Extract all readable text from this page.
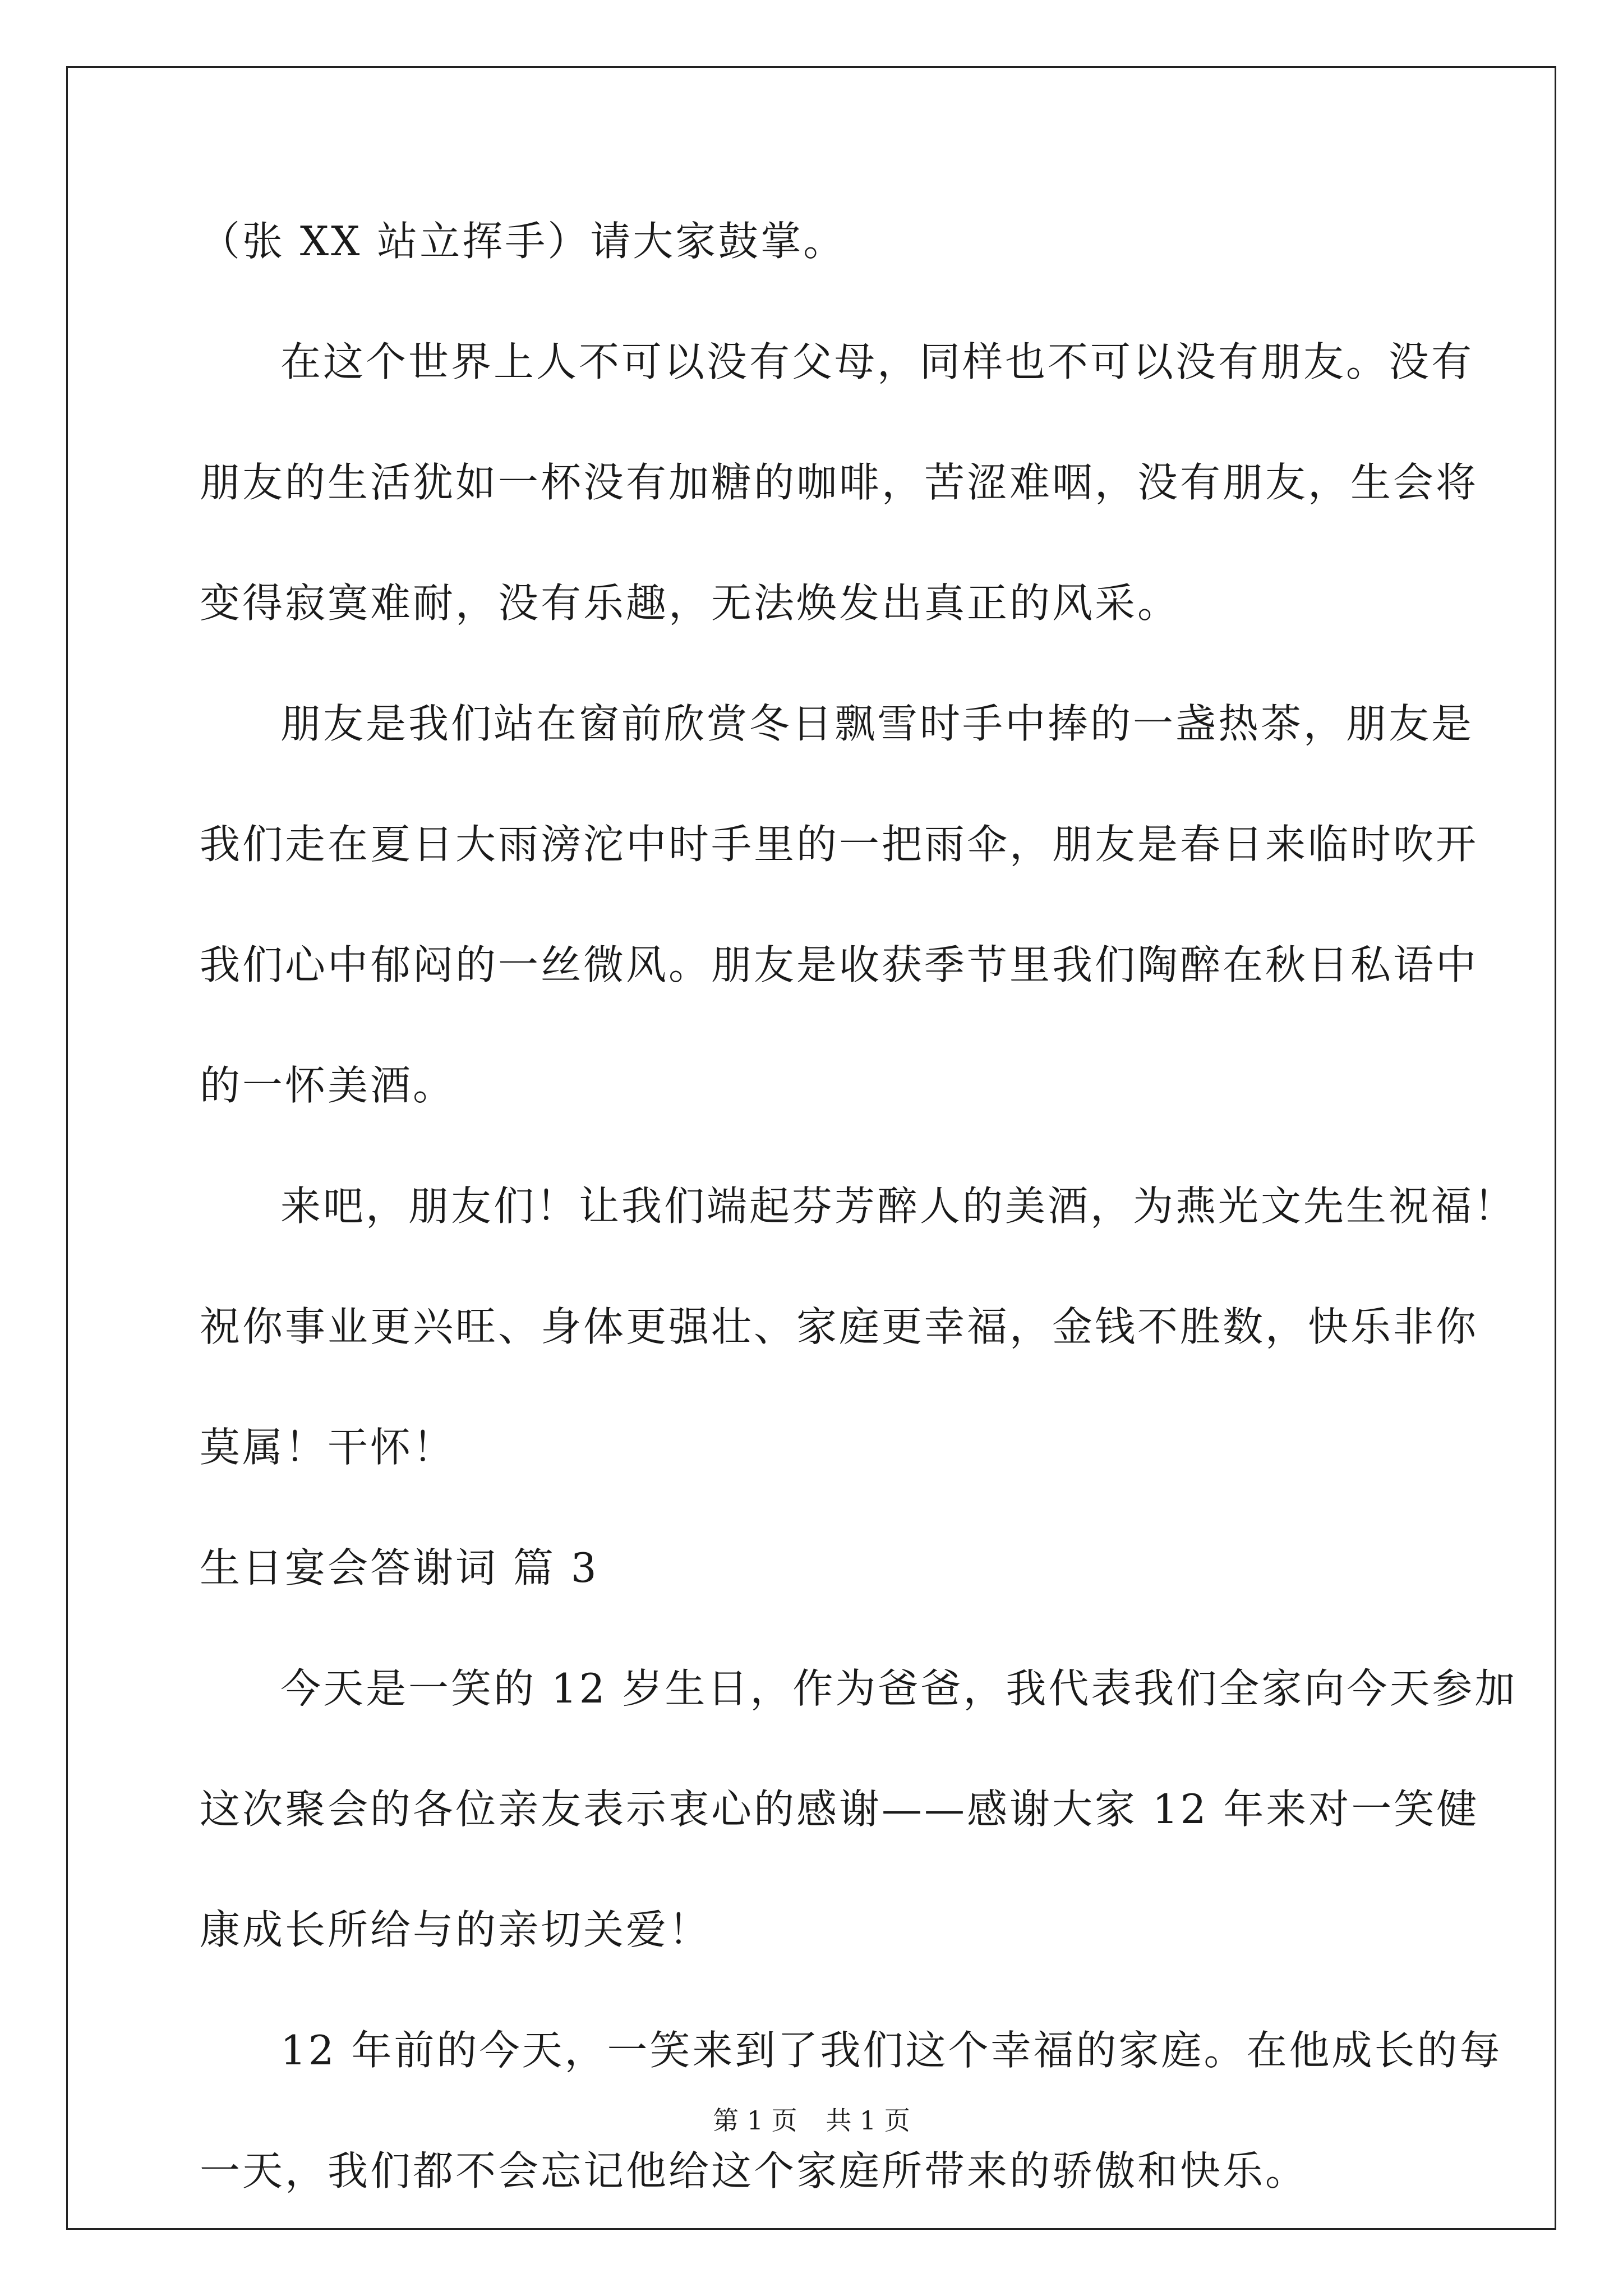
（张 XX 站立挥手）请大家鼓掌。
在这个世界上人不可以没有父母，同样也不可以没有朋友。没有
朋友的生活犹如一杯没有加糖的咖啡，苦涩难咽，没有朋友，生会将
变得寂寞难耐，没有乐趣，无法焕发出真正的风采。
朋友是我们站在窗前欣赏冬日飘雪时手中捧的一盏热茶，朋友是
我们走在夏日大雨滂沱中时手里的一把雨伞，朋友是春日来临时吹开
我们心中郁闷的一丝微风。朋友是收获季节里我们陶醉在秋日私语中
的一怀美酒。
来吧，朋友们！让我们端起芬芳醉人的美酒，为燕光文先生祝福！
祝你事业更兴旺、身体更强壮、家庭更幸福，金钱不胜数，快乐非你
莫属！干怀！
生日宴会答谢词 篇 3
今天是一笑的 12 岁生日，作为爸爸，我代表我们全家向今天参加
这次聚会的各位亲友表示衷心的感谢——感谢大家 12 年来对一笑健
康成长所给与的亲切关爱！
12 年前的今天，一笑来到了我们这个幸福的家庭。在他成长的每
一天，我们都不会忘记他给这个家庭所带来的骄傲和快乐。
第 1 页 共 1 页
